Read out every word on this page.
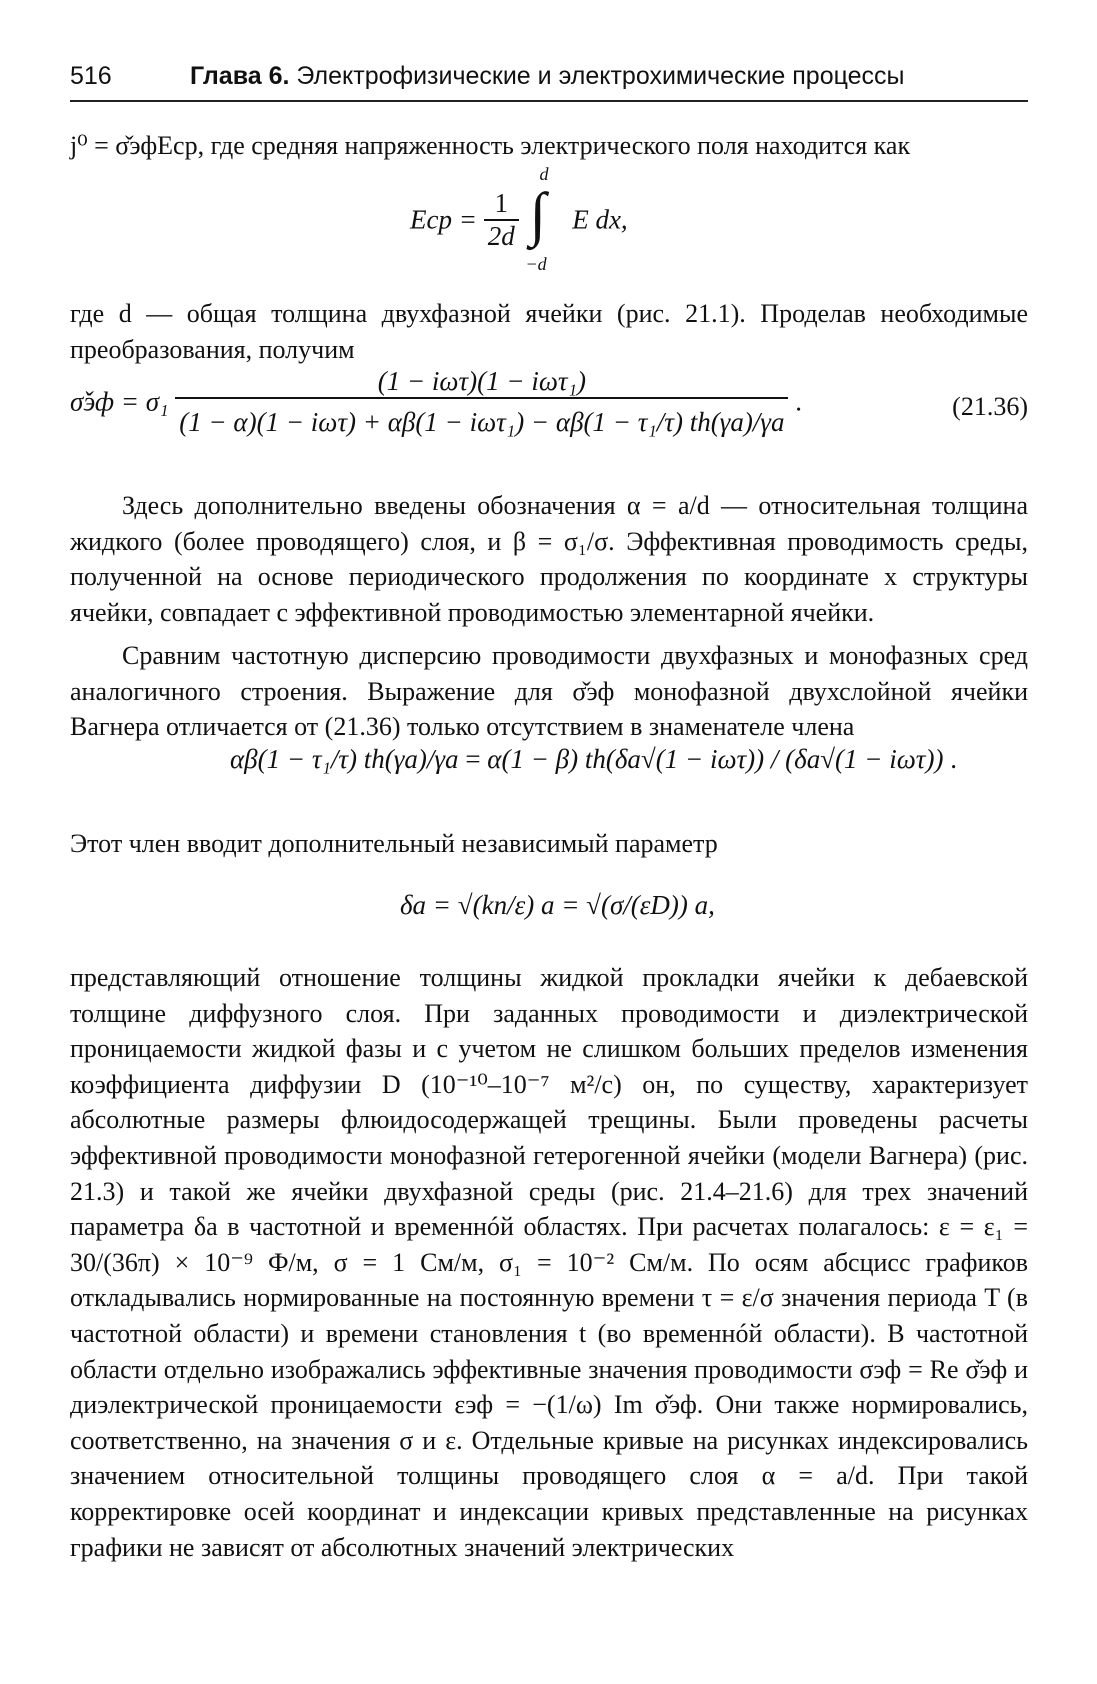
516	Глава 6. Электрофизические и электрохимические процессы
j⁰ = σ̌эфEср, где средняя напряженность электрического поля находится как
Eср = $\frac{1}{2d}$

d
∫
−d
E dx,
где d — общая толщина двухфазной ячейки (рис. 21.1). Проделав необходимые преобразования, получим
σ̌эф = $\sigma_1 \frac{\text{(1 − iωτ)(1 − iωτ₁)}}{\text{(1 − α)(1 − iωτ) + αβ(1 − iωτ₁) − αβ(1 − τ₁/τ) th(γa)/γa}}$ .	(21.36)
Здесь дополнительно введены обозначения α = a/d — относительная толщина жидкого (более проводящего) слоя, и β = σ₁/σ. Эффективная проводимость среды, полученной на основе периодического продолжения по координате x структуры ячейки, совпадает с эффективной проводимостью элементарной ячейки.
Сравним частотную дисперсию проводимости двухфазных и монофазных сред аналогичного строения. Выражение для σ̌эф монофазной двухслойной ячейки Вагнера отличается от (21.36) только отсутствием в знаменателе члена
αβ(1 − τ₁/τ) th(γa)/γa = α(1 − β) th(δa√(1 − iωτ)) / (δa√(1 − iωτ)) .
Этот член вводит дополнительный независимый параметр
δa = √(kn/ε) a = √(σ/(εD)) a,
представляющий отношение толщины жидкой прокладки ячейки к дебаевской толщине диффузного слоя. При заданных проводимости и диэлектрической проницаемости жидкой фазы и с учетом не слишком больших пределов изменения коэффициента диффузии D (10⁻¹⁰–10⁻⁷ м²/с) он, по существу, характеризует абсолютные размеры флюидосодержащей трещины. Были проведены расчеты эффективной проводимости монофазной гетерогенной ячейки (модели Вагнера) (рис. 21.3) и такой же ячейки двухфазной среды (рис. 21.4–21.6) для трех значений параметра δa в частотной и временнóй областях. При расчетах полагалось: ε = ε₁ = 30/(36π) × 10⁻⁹ Ф/м, σ = 1 См/м, σ₁ = 10⁻² См/м. По осям абсцисс графиков откладывались нормированные на постоянную времени τ = ε/σ значения периода T (в частотной области) и времени становления t (во временнóй области). В частотной области отдельно изображались эффективные значения проводимости σэф = Re σ̌эф и диэлектрической проницаемости εэф = −(1/ω) Im σ̌эф. Они также нормировались, соответственно, на значения σ и ε. Отдельные кривые на рисунках индексировались значением относительной толщины проводящего слоя α = a/d. При такой корректировке осей координат и индексации кривых представленные на рисунках графики не зависят от абсолютных значений электрических
